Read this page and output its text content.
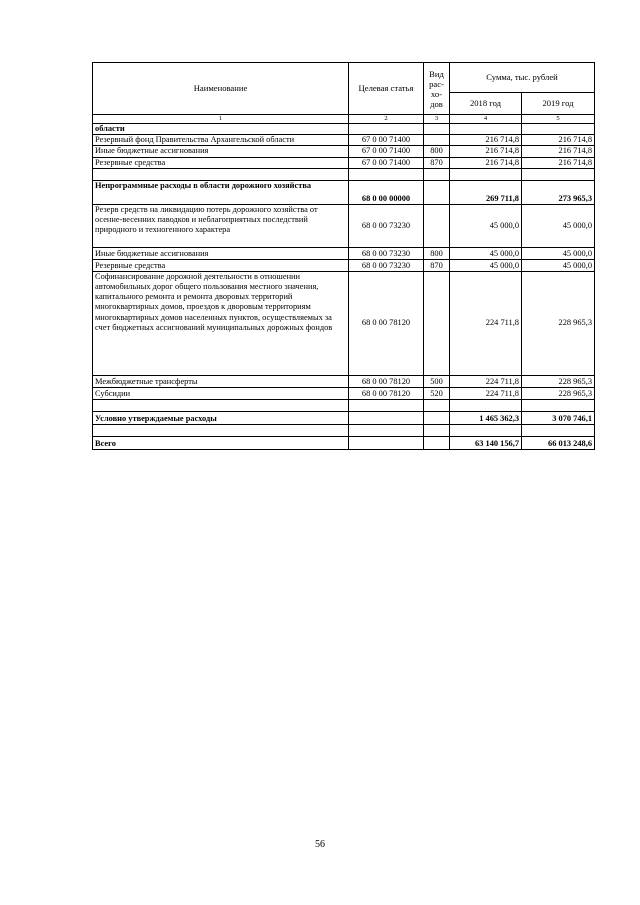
Наименование	Целевая статья	Вид
рас-
хо-
дов	Сумма, тыс. рублей	
			2018 год	2019 год
1	2	3	4	5
области				
Резервный фонд Правительства Архангельской области	67 0 00 71400		216 714,8	216 714,8
Иные бюджетные ассигнования	67 0 00 71400	800	216 714,8	216 714,8
Резервные средства	67 0 00 71400	870	216 714,8	216 714,8

Непрограммные расходы в области дорожного хозяйства	68 0 00 00000		269 711,8	273 965,3
Резерв средств на ликвидацию потерь дорожного хозяйства от осенне-весенних паводков и неблагоприятных последствий природного и техногенного характера	68 0 00 73230		45 000,0	45 000,0
Иные бюджетные ассигнования	68 0 00 73230	800	45 000,0	45 000,0
Резервные средства	68 0 00 73230	870	45 000,0	45 000,0
Софинансирование дорожной деятельности в отношении автомобильных дорог общего пользования местного значения, капитального ремонта и ремонта дворовых территорий многоквартирных домов, проездов к дворовым территориям многоквартирных домов населенных пунктов, осуществляемых за счет бюджетных ассигнований муниципальных дорожных фондов	68 0 00 78120		224 711,8	228 965,3
Межбюджетные трансферты	68 0 00 78120	500	224 711,8	228 965,3
Субсидии	68 0 00 78120	520	224 711,8	228 965,3

Условно утверждаемые расходы			1 465 362,3	3 070 746,1

Всего			63 140 156,7	66 013 248,6
56
